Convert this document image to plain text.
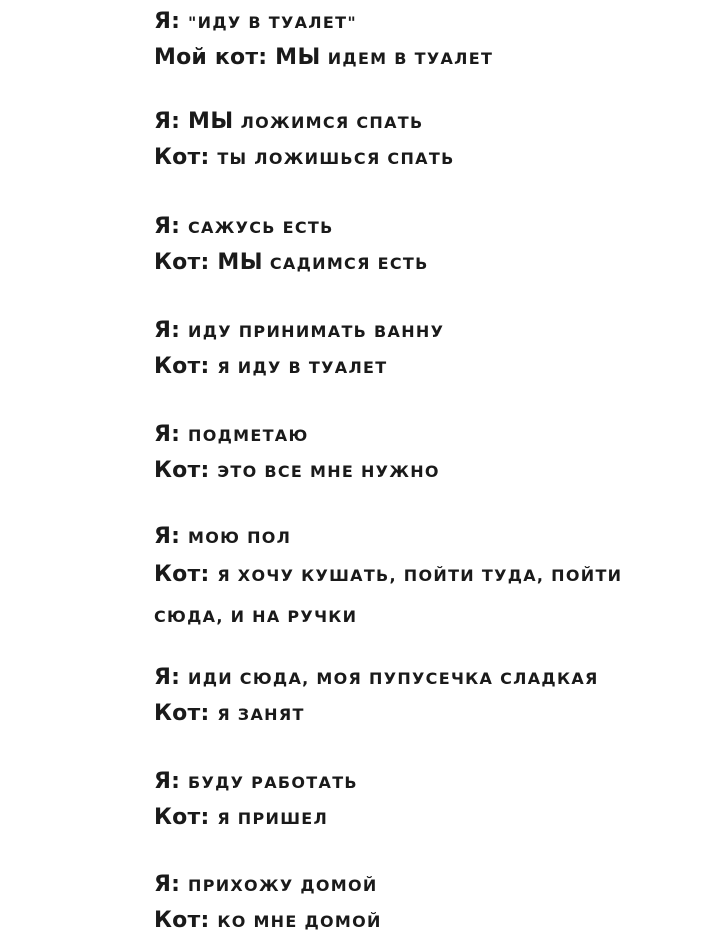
Я : "ИДУ В ТУАЛЕТ"
Мой кот : МЫ ИДЕМ В ТУАЛЕТ
Я : МЫ ЛОЖИМСЯ СПАТЬ
Кот : ТЫ ЛОЖИШЬСЯ СПАТЬ
Я : САЖУСЬ ЕСТЬ
Кот : МЫ САДИМСЯ ЕСТЬ
Я : ИДУ ПРИНИМАТЬ ВАННУ
Кот : Я ИДУ В ТУАЛЕТ
Я : ПОДМЕТАЮ
Кот : ЭТО ВСЕ МНЕ НУЖНО
Я : МОЮ ПОЛ
Кот : Я ХОЧУ КУШАТЬ, ПОЙТИ ТУДА, ПОЙТИ СЮДА, И НА РУЧКИ
Я : ИДИ СЮДА, МОЯ ПУПУСЕЧКА СЛАДКАЯ
Кот : Я ЗАНЯТ
Я : БУДУ РАБОТАТЬ
Кот : Я ПРИШЕЛ
Я : ПРИХОЖУ ДОМОЙ
Кот : КО МНЕ ДОМОЙ
